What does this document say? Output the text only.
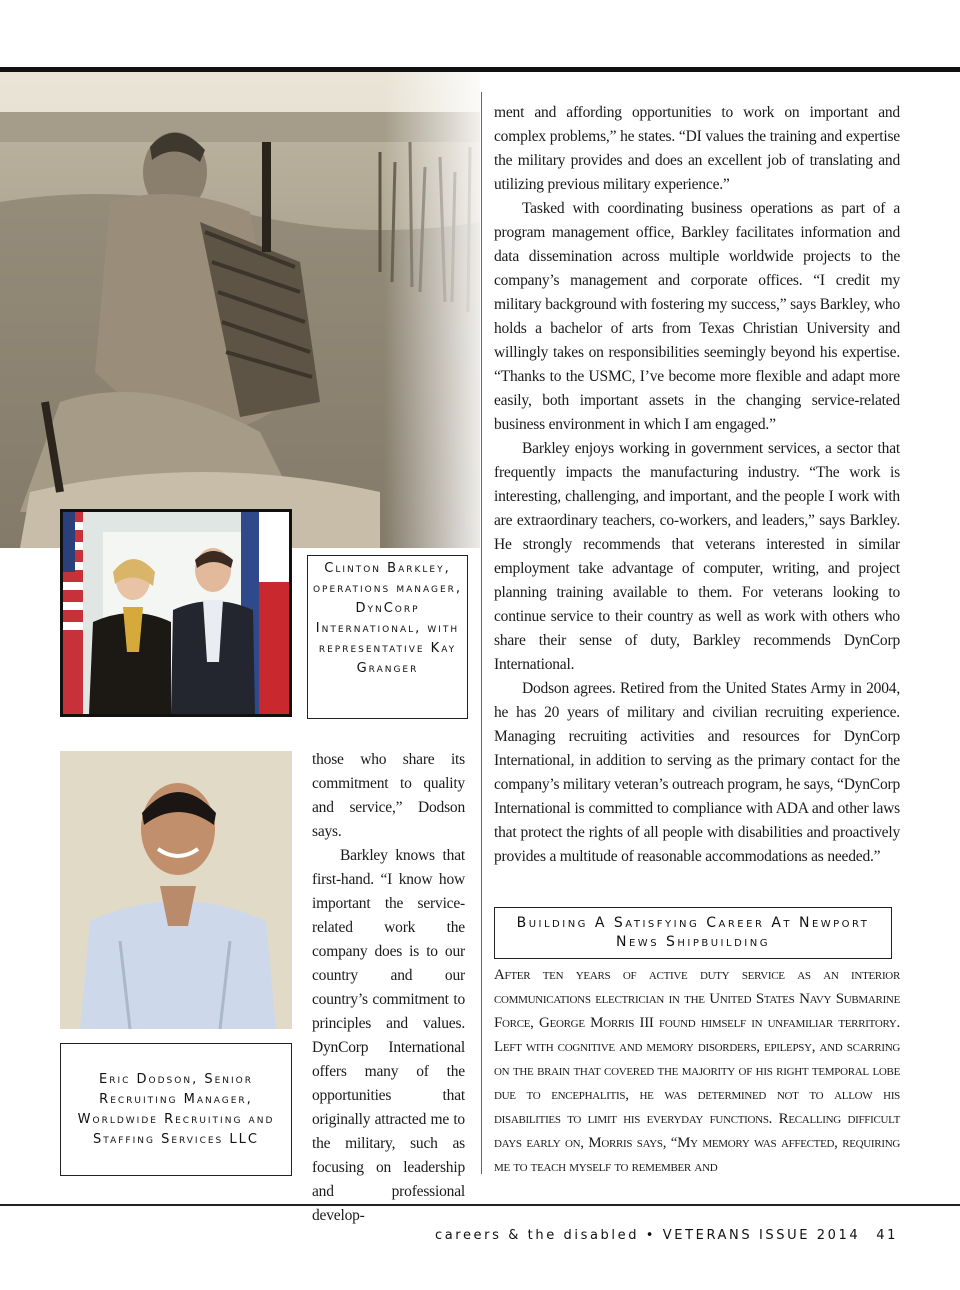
Clinton Barkley, operations manager, DynCorp International, with representative Kay Granger
Eric Dodson, Senior Recruiting Manager, Worldwide Recruiting and Staffing Services LLC

those who share its commitment to quality and service,” Dodson says.

Barkley knows that first-hand. “I know how important the service-related work the company does is to our country and our country’s commitment to principles and values. DynCorp International offers many of the opportunities that originally attracted me to the military, such as focusing on leadership and professional develop-

ment and affording opportunities to work on important and complex problems,” he states. “DI values the training and expertise the military provides and does an excellent job of translating and utilizing previous military experience.”

Tasked with coordinating business operations as part of a program management office, Barkley facilitates information and data dissemination across multiple worldwide projects to the company’s management and corporate offices. “I credit my military background with fostering my success,” says Barkley, who holds a bachelor of arts from Texas Christian University and willingly takes on responsibilities seemingly beyond his expertise. “Thanks to the USMC, I’ve become more flexible and adapt more easily, both important assets in the changing service-related business environment in which I am engaged.”

Barkley enjoys working in government services, a sector that frequently impacts the manufacturing industry. “The work is interesting, challenging, and important, and the people I work with are extraordinary teachers, co-workers, and leaders,” says Barkley. He strongly recommends that veterans interested in similar employment take advantage of computer, writing, and project planning training available to them. For veterans looking to continue service to their country as well as work with others who share their sense of duty, Barkley recommends DynCorp International.

Dodson agrees. Retired from the United States Army in 2004, he has 20 years of military and civilian recruiting experience. Managing recruiting activities and resources for DynCorp International, in addition to serving as the primary contact for the company’s military veteran’s outreach program, he says, “DynCorp International is committed to compliance with ADA and other laws that protect the rights of all people with disabilities and proactively provides a multitude of reasonable accommodations as needed.”

Building A Satisfying Career At Newport News Shipbuilding

After ten years of active duty service as an interior communications electrician in the United States Navy Submarine Force, George Morris III found himself in unfamiliar territory. Left with cognitive and memory disorders, epilepsy, and scarring on the brain that covered the majority of his right temporal lobe due to encephalitis, he was determined not to allow his disabilities to limit his everyday functions. Recalling difficult days early on, Morris says, “My memory was affected, requiring me to teach myself to remember and

careers & the disabled • VETERANS ISSUE 2014 41
